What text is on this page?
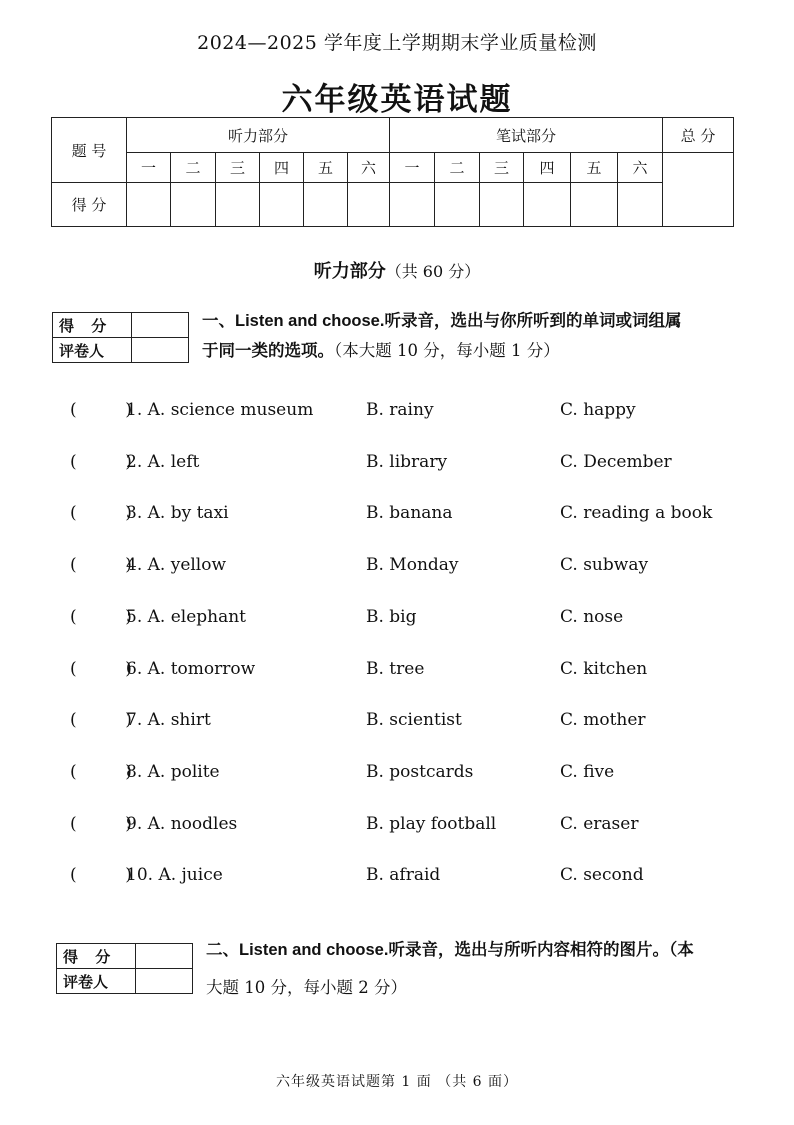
2024—2025 学年度上学期期末学业质量检测
六年级英语试题
题 号	听力部分						笔试部分						总 分
	一	二	三	四	五	六	一	二	三	四	五	六	
得 分													
听力部分（共 60 分）
得 分	
评卷人	
一、Listen and choose.听录音，选出与你所听到的单词或词组属
于同一类的选项。（本大题 10 分，每小题 1 分）
(         )
1. A. science museum	B. rainy	C. happy
(         )
2. A. left	B. library	C. December
(         )
3. A. by taxi	B. banana	C. reading a book
(         )
4. A. yellow	B. Monday	C. subway
(         )
5. A. elephant	B. big	C. nose
(         )
6. A. tomorrow	B. tree	C. kitchen
(         )
7. A. shirt	B. scientist	C. mother
(         )
8. A. polite	B. postcards	C. five
(         )
9. A. noodles	B. play football	C. eraser
(         )
10. A. juice	B. afraid	C. second
得 分	
评卷人	
二、Listen and choose.听录音，选出与所听内容相符的图片。（本
大题 10 分，每小题 2 分）
六年级英语试题第 1 面 （共 6 面）
